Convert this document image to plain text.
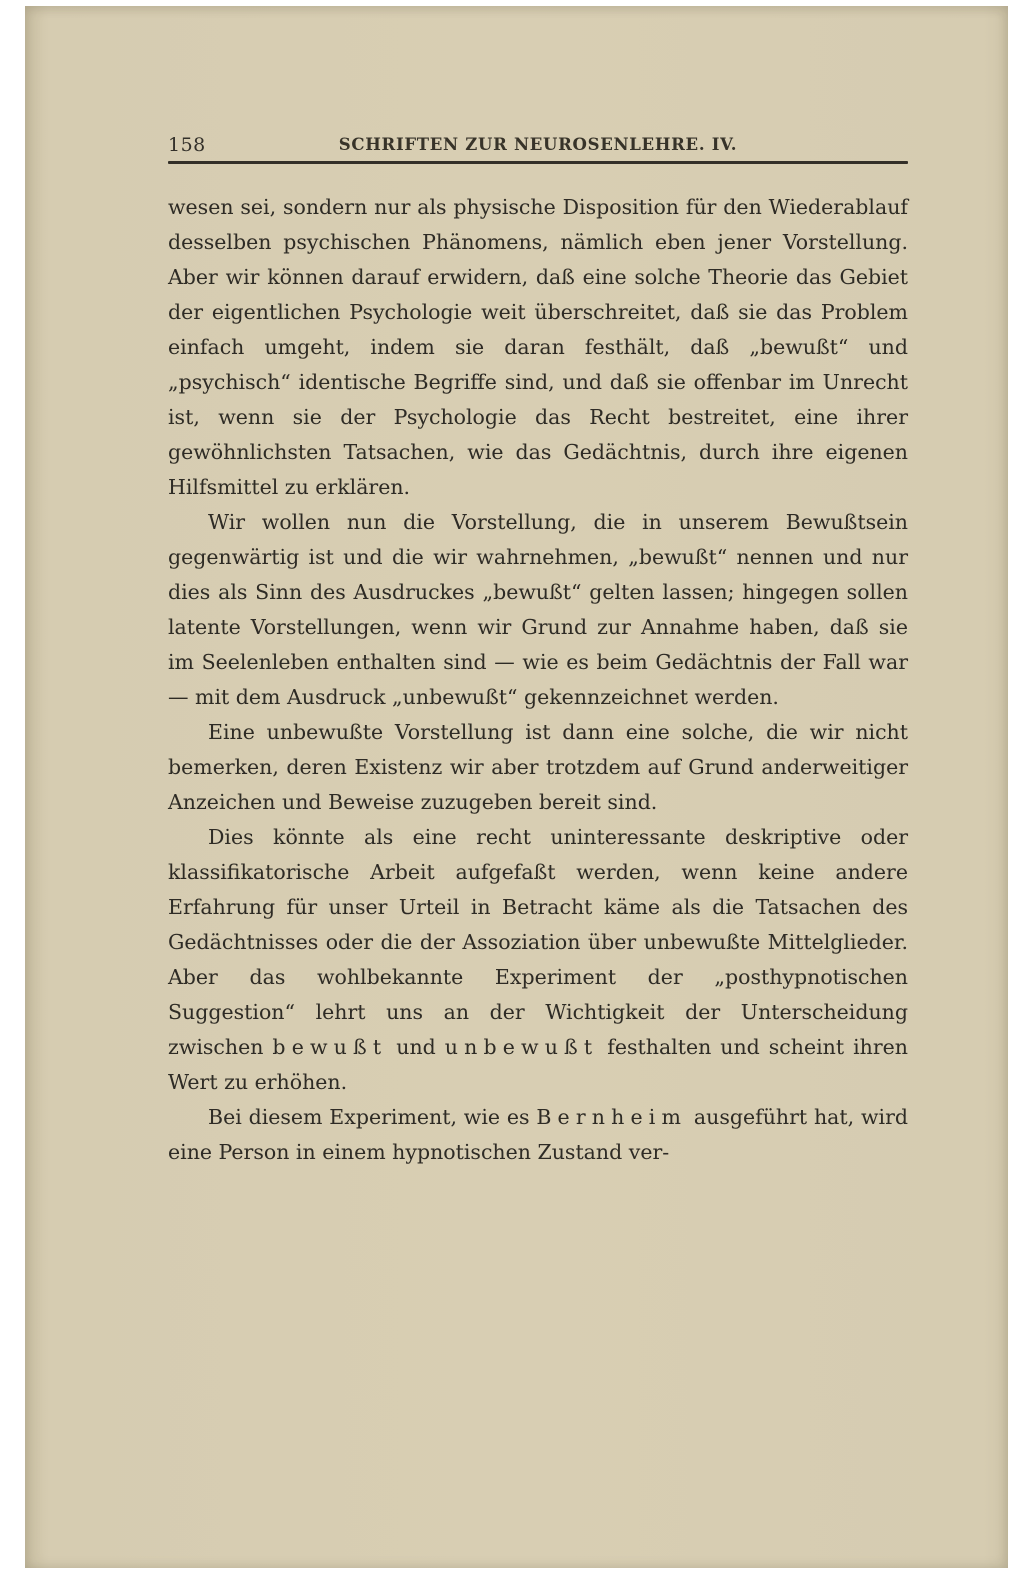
158	SCHRIFTEN ZUR NEUROSENLEHRE. IV.

wesen sei, sondern nur als physische Disposition für den Wiederablauf desselben psychischen Phänomens, nämlich eben jener Vorstellung. Aber wir können darauf erwidern, daß eine solche Theorie das Gebiet der eigentlichen Psychologie weit überschreitet, daß sie das Problem einfach umgeht, indem sie daran festhält, daß „bewußt“ und „psychisch“ identische Begriffe sind, und daß sie offenbar im Unrecht ist, wenn sie der Psychologie das Recht bestreitet, eine ihrer gewöhnlichsten Tatsachen, wie das Gedächtnis, durch ihre eigenen Hilfsmittel zu erklären.

Wir wollen nun die Vorstellung, die in unserem Bewußtsein gegenwärtig ist und die wir wahrnehmen, „bewußt“ nennen und nur dies als Sinn des Ausdruckes „bewußt“ gelten lassen; hingegen sollen latente Vorstellungen, wenn wir Grund zur Annahme haben, daß sie im Seelenleben enthalten sind — wie es beim Gedächtnis der Fall war — mit dem Ausdruck „unbewußt“ gekennzeichnet werden.

Eine unbewußte Vorstellung ist dann eine solche, die wir nicht bemerken, deren Existenz wir aber trotzdem auf Grund anderweitiger Anzeichen und Beweise zuzugeben bereit sind.

Dies könnte als eine recht uninteressante deskriptive oder klassifikatorische Arbeit aufgefaßt werden, wenn keine andere Erfahrung für unser Urteil in Betracht käme als die Tatsachen des Gedächtnisses oder die der Assoziation über unbewußte Mittelglieder. Aber das wohlbekannte Experiment der „posthypnotischen Suggestion“ lehrt uns an der Wichtigkeit der Unterscheidung zwischen bewußt und unbewußt festhalten und scheint ihren Wert zu erhöhen.

Bei diesem Experiment, wie es Bernheim ausgeführt hat, wird eine Person in einem hypnotischen Zustand ver-
